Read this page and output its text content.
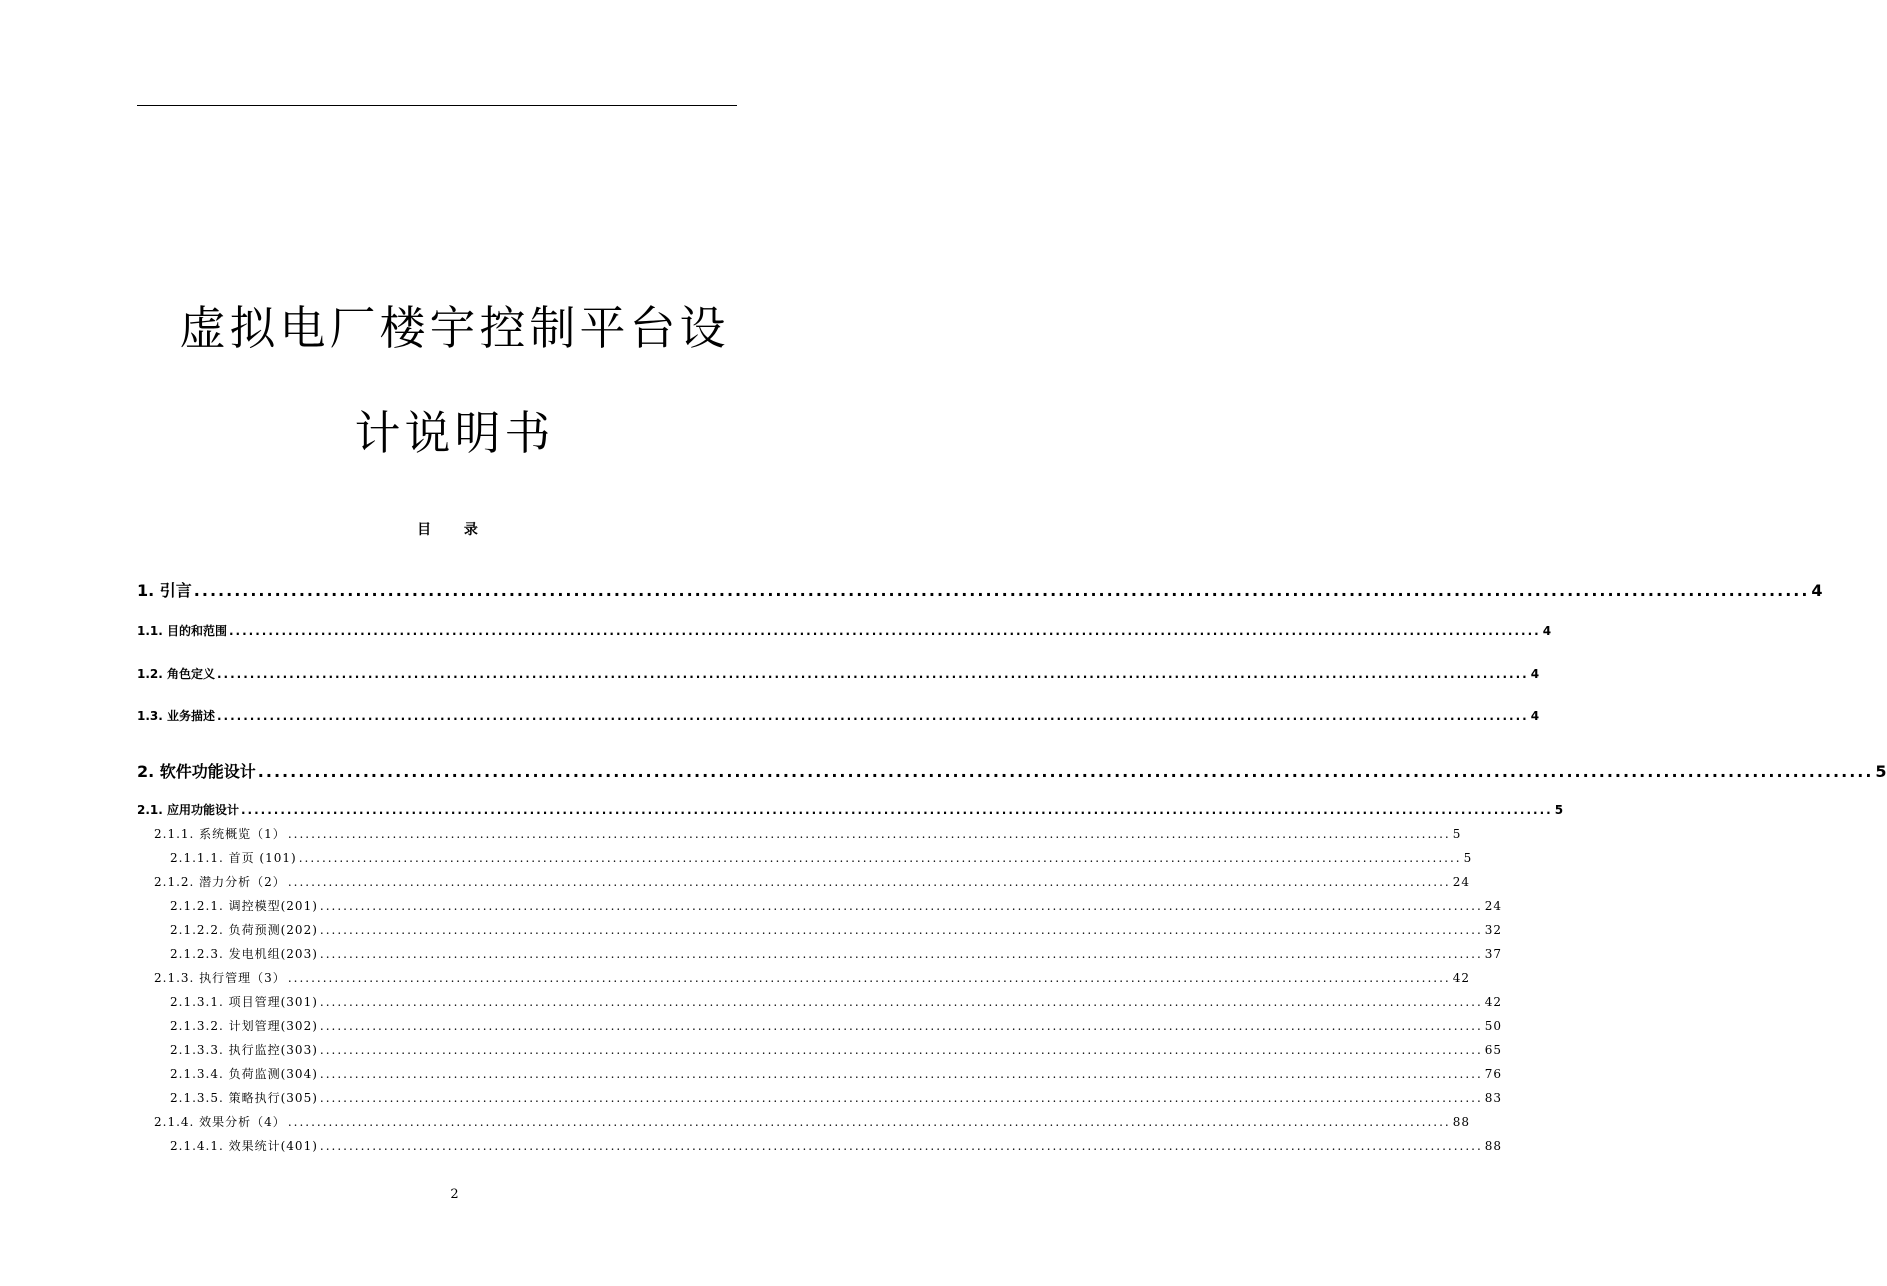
虚拟电厂楼宇控制平台设
计说明书
目 录
1. 引言 ........................................................................................................................................................................................................ 4
1.1. 目的和范围 ........................................................................................................................................................................................................ 4
1.2. 角色定义 ........................................................................................................................................................................................................ 4
1.3. 业务描述 ........................................................................................................................................................................................................ 4
2. 软件功能设计 ........................................................................................................................................................................................................ 5
2.1. 应用功能设计 ........................................................................................................................................................................................................ 5
2.1.1. 系统概览（1） ........................................................................................................................................................................................................ 5
2.1.1.1. 首页 (101) ........................................................................................................................................................................................................ 5
2.1.2. 潜力分析（2） ........................................................................................................................................................................................................ 24
2.1.2.1. 调控模型(201) ........................................................................................................................................................................................................ 24
2.1.2.2. 负荷预测(202) ........................................................................................................................................................................................................ 32
2.1.2.3. 发电机组(203) ........................................................................................................................................................................................................ 37
2.1.3. 执行管理（3） ........................................................................................................................................................................................................ 42
2.1.3.1. 项目管理(301) ........................................................................................................................................................................................................ 42
2.1.3.2. 计划管理(302) ........................................................................................................................................................................................................ 50
2.1.3.3. 执行监控(303) ........................................................................................................................................................................................................ 65
2.1.3.4. 负荷监测(304) ........................................................................................................................................................................................................ 76
2.1.3.5. 策略执行(305) ........................................................................................................................................................................................................ 83
2.1.4. 效果分析（4） ........................................................................................................................................................................................................ 88
2.1.4.1. 效果统计(401) ........................................................................................................................................................................................................ 88
2
